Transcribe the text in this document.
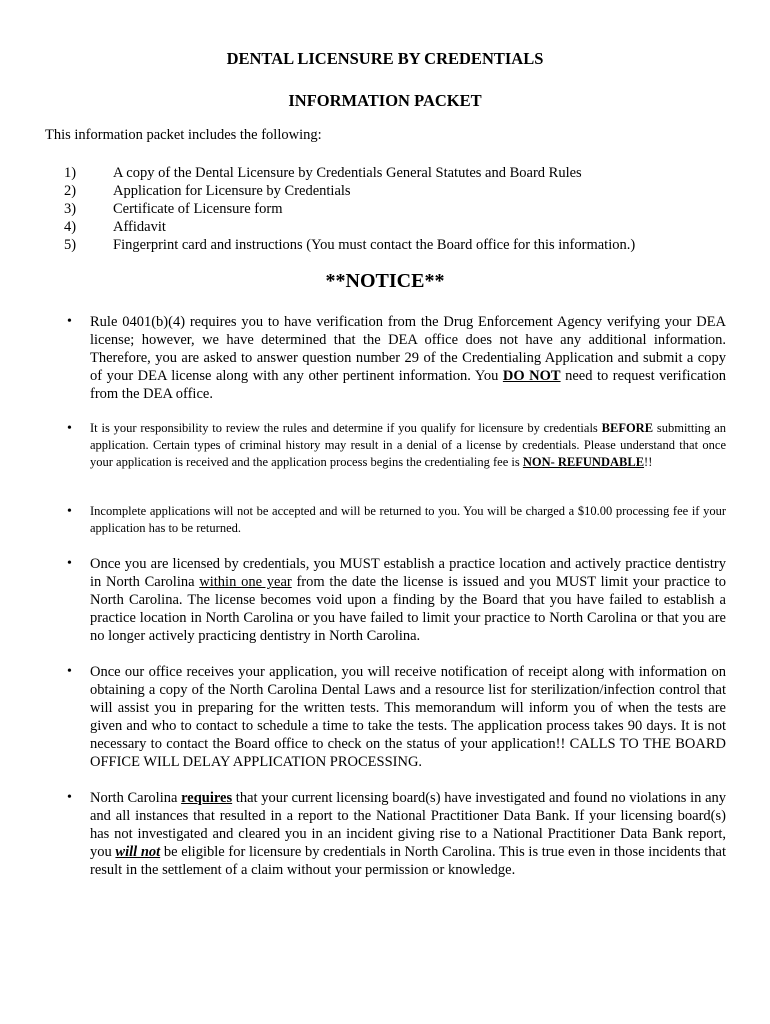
DENTAL LICENSURE BY CREDENTIALS
INFORMATION PACKET

This information packet includes the following:

1)	A copy of the Dental Licensure by Credentials General Statutes and Board Rules
2)	Application for Licensure by Credentials
3)	Certificate of Licensure form
4)	Affidavit
5)	Fingerprint card and instructions (You must contact the Board office for this information.)
**NOTICE**

• Rule 0401(b)(4) requires you to have verification from the Drug Enforcement Agency verifying your DEA license; however, we have determined that the DEA office does not have any additional information. Therefore, you are asked to answer question number 29 of the Credentialing Application and submit a copy of your DEA license along with any other pertinent information. You DO NOT need to request verification from the DEA office.

• It is your responsibility to review the rules and determine if you qualify for licensure by credentials BEFORE submitting an application. Certain types of criminal history may result in a denial of a license by credentials. Please understand that once your application is received and the application process begins the credentialing fee is NON- REFUNDABLE!!

• Incomplete applications will not be accepted and will be returned to you. You will be charged a $10.00 processing fee if your application has to be returned.

• Once you are licensed by credentials, you MUST establish a practice location and actively practice dentistry in North Carolina within one year from the date the license is issued and you MUST limit your practice to North Carolina. The license becomes void upon a finding by the Board that you have failed to establish a practice location in North Carolina or you have failed to limit your practice to North Carolina or that you are no longer actively practicing dentistry in North Carolina.

• Once our office receives your application, you will receive notification of receipt along with information on obtaining a copy of the North Carolina Dental Laws and a resource list for sterilization/infection control that will assist you in preparing for the written tests. This memorandum will inform you of when the tests are given and who to contact to schedule a time to take the tests. The application process takes 90 days. It is not necessary to contact the Board office to check on the status of your application!! CALLS TO THE BOARD OFFICE WILL DELAY APPLICATION PROCESSING.

• North Carolina requires that your current licensing board(s) have investigated and found no violations in any and all instances that resulted in a report to the National Practitioner Data Bank. If your licensing board(s) has not investigated and cleared you in an incident giving rise to a National Practitioner Data Bank report, you will not be eligible for licensure by credentials in North Carolina. This is true even in those incidents that result in the settlement of a claim without your permission or knowledge.
